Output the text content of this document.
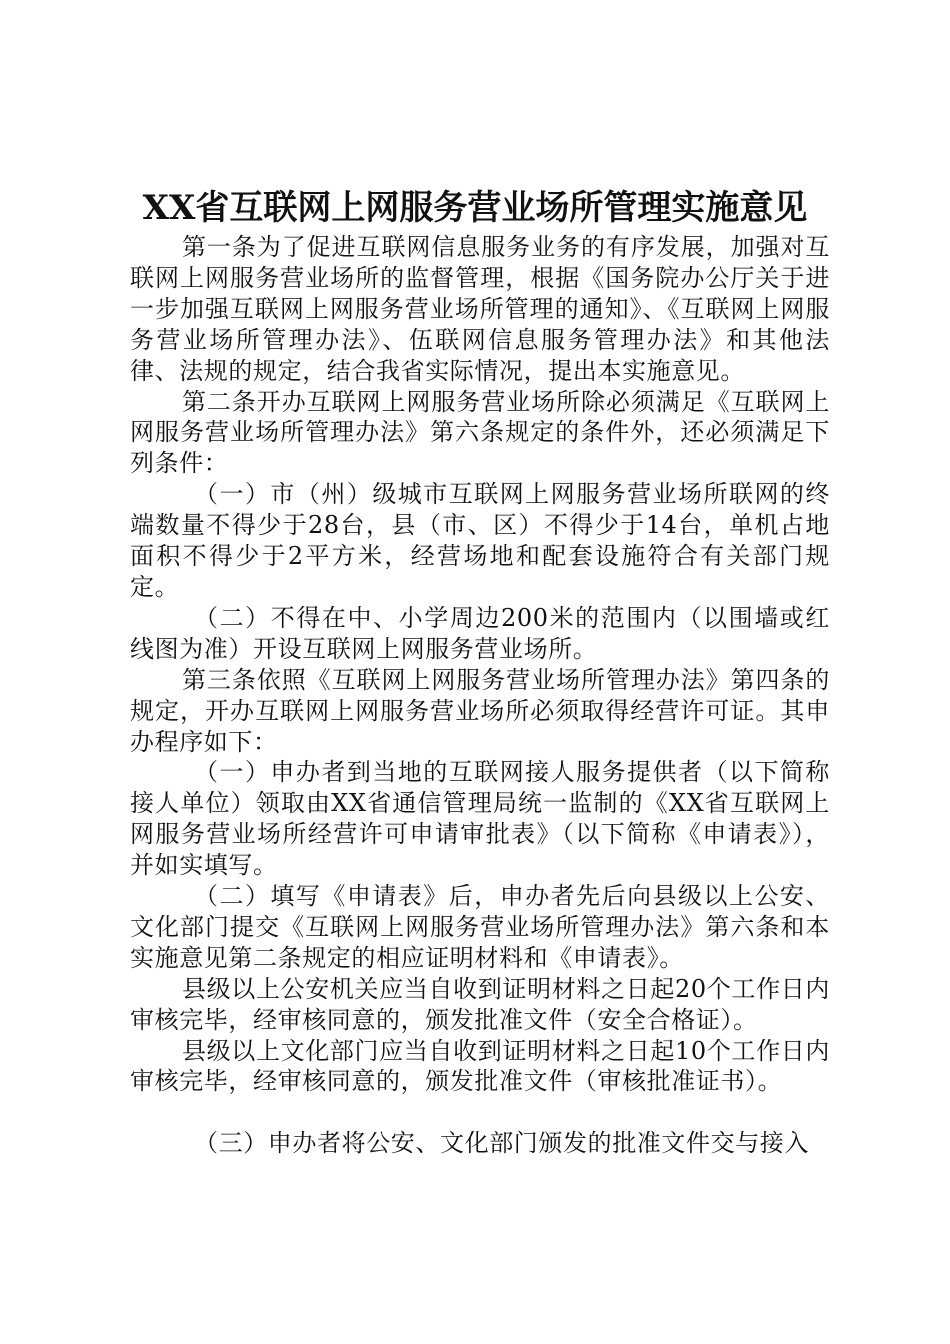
XX省互联网上网服务营业场所管理实施意见

第一条为了促进互联网信息服务业务的有序发展，加强对互联网上网服务营业场所的监督管理，根据《国务院办公厅关于进一步加强互联网上网服务营业场所管理的通知》、《互联网上网服务营业场所管理办法》、伍联网信息服务管理办法》和其他法律、法规的规定，结合我省实际情况，提出本实施意见。

第二条开办互联网上网服务营业场所除必须满足《互联网上网服务营业场所管理办法》第六条规定的条件外，还必须满足下列条件：

（一）市（州）级城市互联网上网服务营业场所联网的终端数量不得少于28台，县（市、区）不得少于14台，单机占地面积不得少于2平方米，经营场地和配套设施符合有关部门规定。

（二）不得在中、小学周边200米的范围内（以围墙或红线图为准）开设互联网上网服务营业场所。

第三条依照《互联网上网服务营业场所管理办法》第四条的规定，开办互联网上网服务营业场所必须取得经营许可证。其申办程序如下：

（一）申办者到当地的互联网接人服务提供者（以下简称接人单位）领取由XX省通信管理局统一监制的《XX省互联网上网服务营业场所经营许可申请审批表》（以下简称《申请表》），并如实填写。

（二）填写《申请表》后，申办者先后向县级以上公安、文化部门提交《互联网上网服务营业场所管理办法》第六条和本实施意见第二条规定的相应证明材料和《申请表》。

县级以上公安机关应当自收到证明材料之日起20个工作日内审核完毕，经审核同意的，颁发批准文件（安全合格证）。

县级以上文化部门应当自收到证明材料之日起10个工作日内审核完毕，经审核同意的，颁发批准文件（审核批准证书）。

（三）申办者将公安、文化部门颁发的批准文件交与接入
